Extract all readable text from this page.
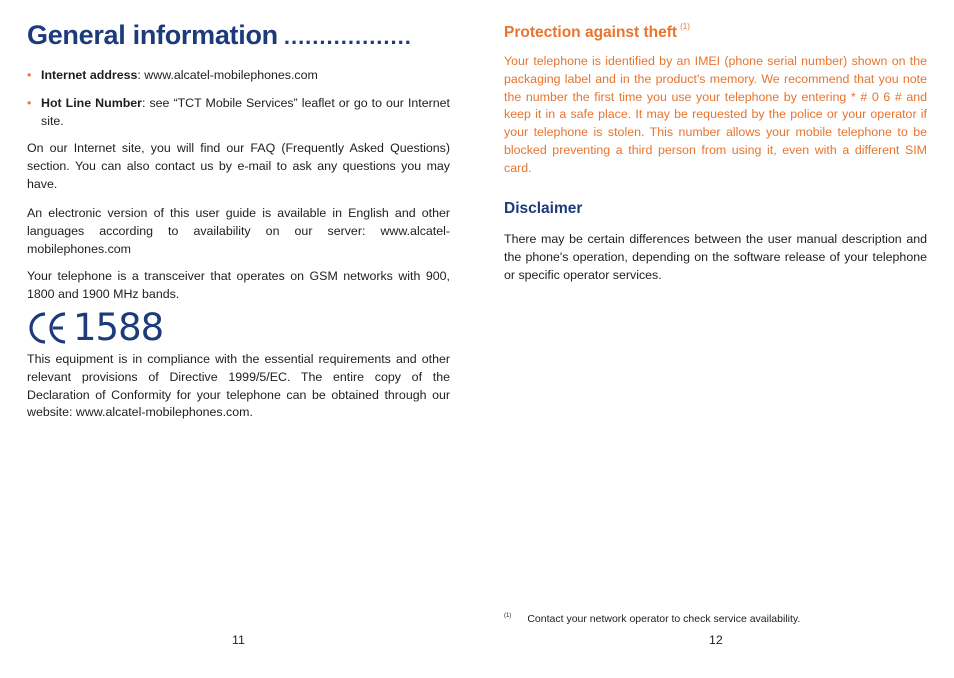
General information ..................
• Internet address: www.alcatel-mobilephones.com
• Hot Line Number: see “TCT Mobile Services” leaflet or go to our Internet site.

On our Internet site, you will find our FAQ (Frequently Asked Questions) section. You can also contact us by e-mail to ask any questions you may have.

An electronic version of this user guide is available in English and other languages according to availability on our server: www.alcatel-mobilephones.com

Your telephone is a transceiver that operates on GSM networks with 900, 1800 and 1900 MHz bands.

1588

This equipment is in compliance with the essential requirements and other relevant provisions of Directive 1999/5/EC. The entire copy of the Declaration of Conformity for your telephone can be obtained through our website: www.alcatel-mobilephones.com.

11
Protection against theft $^{(1)}$

Your telephone is identified by an IMEI (phone serial number) shown on the packaging label and in the product's memory. We recommend that you note the number the first time you use your telephone by entering * # 0 6 # and keep it in a safe place. It may be requested by the police or your operator if your telephone is stolen. This number allows your mobile telephone to be blocked preventing a third person from using it, even with a different SIM card.

Disclaimer

There may be certain differences between the user manual description and the phone's operation, depending on the software release of your telephone or specific operator services.

$^{(1)}$ Contact your network operator to check service availability.
12
